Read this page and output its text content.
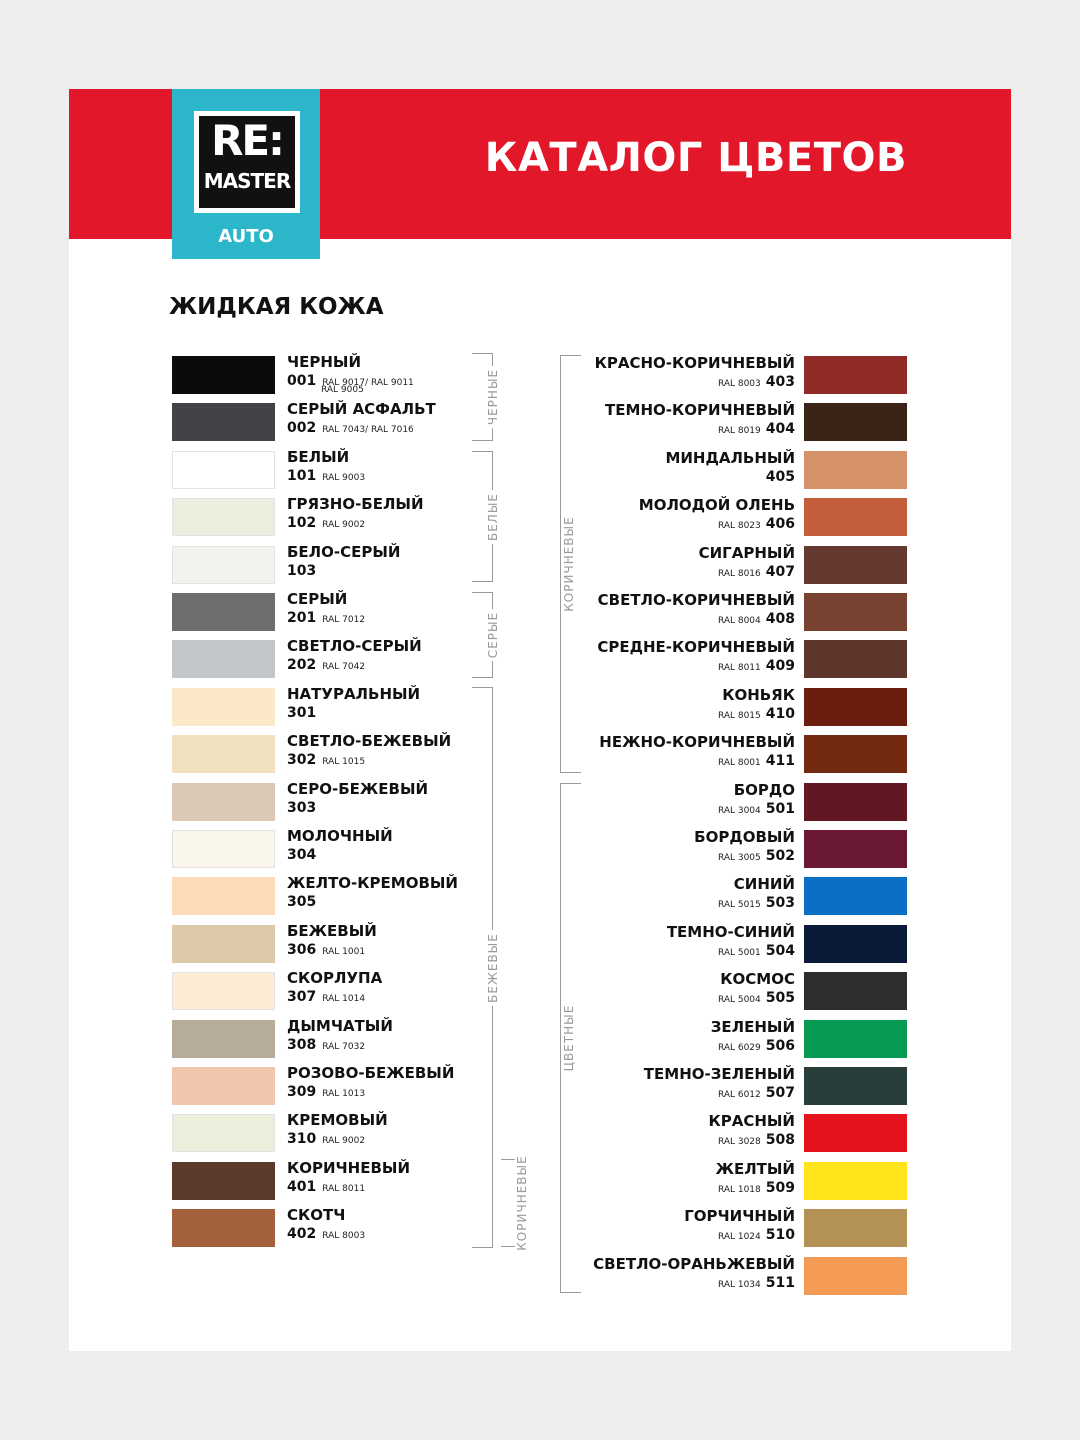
КАТАЛОГ ЦВЕТОВ
RE:
MASTER
AUTO
ЖИДКАЯ КОЖА
ЧЕРНЫЙ
001 RAL 9017/ RAL 9011
RAL 9005
СЕРЫЙ АСФАЛЬТ
002 RAL 7043/ RAL 7016
БЕЛЫЙ
101 RAL 9003
ГРЯЗНО-БЕЛЫЙ
102 RAL 9002
БЕЛО-СЕРЫЙ
103
СЕРЫЙ
201 RAL 7012
СВЕТЛО-СЕРЫЙ
202 RAL 7042
НАТУРАЛЬНЫЙ
301
СВЕТЛО-БЕЖЕВЫЙ
302 RAL 1015
СЕРО-БЕЖЕВЫЙ
303
МОЛОЧНЫЙ
304
ЖЕЛТО-КРЕМОВЫЙ
305
БЕЖЕВЫЙ
306 RAL 1001
СКОРЛУПА
307 RAL 1014
ДЫМЧАТЫЙ
308 RAL 7032
РОЗОВО-БЕЖЕВЫЙ
309 RAL 1013
КРЕМОВЫЙ
310 RAL 9002
КОРИЧНЕВЫЙ
401 RAL 8011
СКОТЧ
402 RAL 8003
КРАСНО-КОРИЧНЕВЫЙ
RAL 8003 403
ТЕМНО-КОРИЧНЕВЫЙ
RAL 8019 404
МИНДАЛЬНЫЙ
405
МОЛОДОЙ ОЛЕНЬ
RAL 8023 406
СИГАРНЫЙ
RAL 8016 407
СВЕТЛО-КОРИЧНЕВЫЙ
RAL 8004 408
СРЕДНЕ-КОРИЧНЕВЫЙ
RAL 8011 409
КОНЬЯК
RAL 8015 410
НЕЖНО-КОРИЧНЕВЫЙ
RAL 8001 411
БОРДО
RAL 3004 501
БОРДОВЫЙ
RAL 3005 502
СИНИЙ
RAL 5015 503
ТЕМНО-СИНИЙ
RAL 5001 504
КОСМОС
RAL 5004 505
ЗЕЛЕНЫЙ
RAL 6029 506
ТЕМНО-ЗЕЛЕНЫЙ
RAL 6012 507
КРАСНЫЙ
RAL 3028 508
ЖЕЛТЫЙ
RAL 1018 509
ГОРЧИЧНЫЙ
RAL 1024 510
СВЕТЛО-ОРАНЬЖЕВЫЙ
RAL 1034 511
ЧЕРНЫЕ
БЕЛЫЕ
СЕРЫЕ
БЕЖЕВЫЕ
КОРИЧНЕВЫЕ
КОРИЧНЕВЫЕ
ЦВЕТНЫЕ
